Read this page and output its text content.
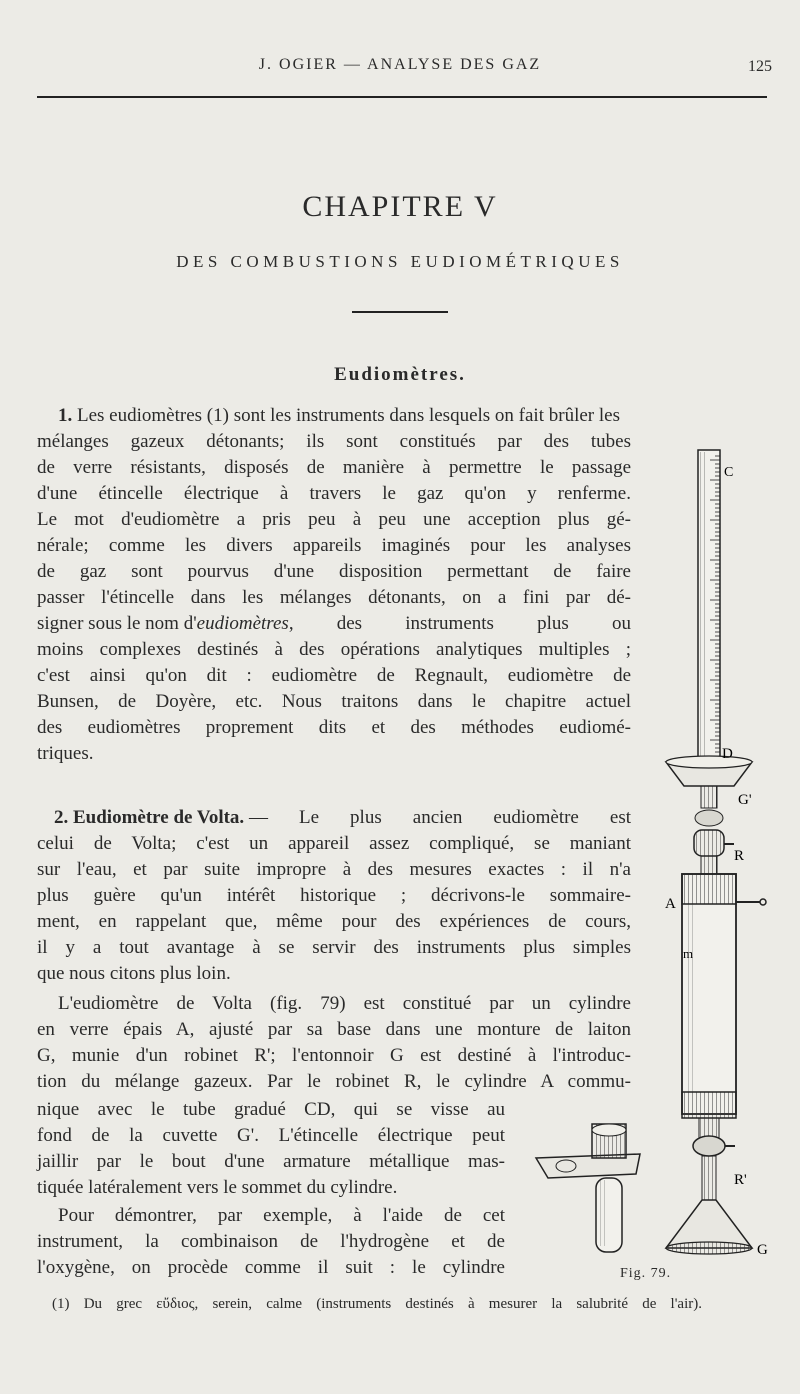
J. OGIER — ANALYSE DES GAZ	125
CHAPITRE V
DES COMBUSTIONS EUDIOMÉTRIQUES
Eudiomètres.
1. Les eudiomètres (1) sont les instruments dans lesquels on fait brûler les
mélanges gazeux détonants; ils sont constitués par des tubes
de verre résistants, disposés de manière à permettre le passage
d'une étincelle électrique à travers le gaz qu'on y renferme.
Le mot d'eudiomètre a pris peu à peu une acception plus gé-
nérale; comme les divers appareils imaginés pour les analyses
de gaz sont pourvus d'une disposition permettant de faire
passer l'étincelle dans les mélanges détonants, on a fini par dé-
signer sous le nom d' eudiomètres , des instruments plus ou
moins complexes destinés à des opérations analytiques multiples ;
c'est ainsi qu'on dit : eudiomètre de Regnault, eudiomètre de
Bunsen, de Doyère, etc. Nous traitons dans le chapitre actuel
des eudiomètres proprement dits et des méthodes eudiomé-
triques.
2.
Eudiomètre de Volta.
— Le plus ancien eudiomètre est
celui de Volta; c'est un appareil assez compliqué, se maniant
sur l'eau, et par suite impropre à des mesures exactes : il n'a
plus guère qu'un intérêt historique ; décrivons-le sommaire-
ment, en rappelant que, même pour des expériences de cours,
il y a tout avantage à se servir des instruments plus simples
que nous citons plus loin.
L'eudiomètre de Volta (fig. 79) est constitué par un cylindre
en verre épais A, ajusté par sa base dans une monture de laiton
G, munie d'un robinet R'; l'entonnoir G est destiné à l'introduc-
tion du mélange gazeux. Par le robinet R, le cylindre A commu-
nique avec le tube gradué CD, qui se visse au
fond de la cuvette G'. L'étincelle électrique peut
jaillir par le bout d'une armature métallique mas-
tiquée latéralement vers le sommet du cylindre.
Pour démontrer, par exemple, à l'aide de cet
instrument, la combinaison de l'hydrogène et de
l'oxygène, on procède comme il suit : le cylindre
C
D
G'
R
A
m
R'
G
Fig. 79.
(1) Du grec εὔδιος, serein, calme (instruments destinés à mesurer la salubrité de l'air).
